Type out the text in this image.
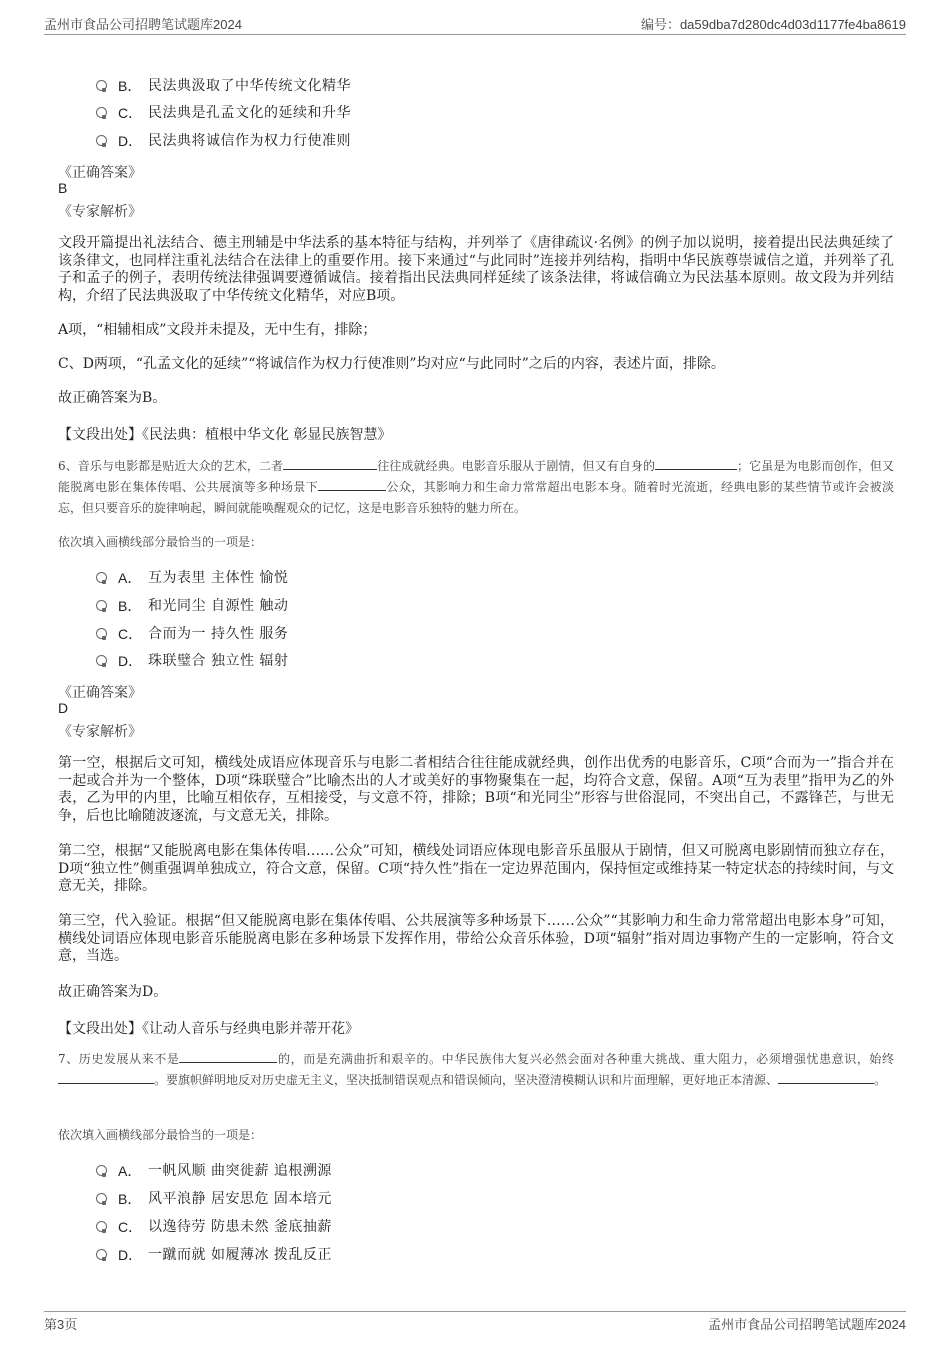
孟州市食品公司招聘笔试题库2024	编号：da59dba7d280dc4d03d1177fe4ba8619
B． 民法典汲取了中华传统文化精华
C． 民法典是孔孟文化的延续和升华
D． 民法典将诚信作为权力行使准则
《正确答案》
B
《专家解析》
文段开篇提出礼法结合、德主刑辅是中华法系的基本特征与结构，并列举了《唐律疏议·名例》的例子加以说明，接着提出民法典延续了该条律文，也同样注重礼法结合在法律上的重要作用。接下来通过“与此同时”连接并列结构，指明中华民族尊崇诚信之道，并列举了孔子和孟子的例子，表明传统法律强调要遵循诚信。接着指出民法典同样延续了该条法律，将诚信确立为民法基本原则。故文段为并列结构，介绍了民法典汲取了中华传统文化精华，对应B项。
A项，“相辅相成”文段并未提及，无中生有，排除；
C、D两项，“孔孟文化的延续”“将诚信作为权力行使准则”均对应“与此同时”之后的内容，表述片面，排除。
故正确答案为B。
【文段出处】《民法典：植根中华文化 彰显民族智慧》
6、音乐与电影都是贴近大众的艺术，二者	往往成就经典。电影音乐服从于剧情，但又有自身的	；它虽是为电影而创作，但又能脱离电影在集体传唱、公共展演等多种场景下	公众，其影响力和生命力常常超出电影本身。随着时光流逝，经典电影的某些情节或许会被淡忘，但只要音乐的旋律响起，瞬间就能唤醒观众的记忆，这是电影音乐独特的魅力所在。
依次填入画横线部分最恰当的一项是：
A． 互为表里 主体性 愉悦
B． 和光同尘 自源性 触动
C． 合而为一 持久性 服务
D． 珠联璧合 独立性 辐射
《正确答案》
D
《专家解析》
第一空，根据后文可知，横线处成语应体现音乐与电影二者相结合往往能成就经典，创作出优秀的电影音乐，C项“合而为一”指合并在一起或合并为一个整体，D项“珠联璧合”比喻杰出的人才或美好的事物聚集在一起，均符合文意，保留。A项“互为表里”指甲为乙的外表，乙为甲的内里，比喻互相依存，互相接受，与文意不符，排除；B项“和光同尘”形容与世俗混同，不突出自己，不露锋芒，与世无争，后也比喻随波逐流，与文意无关，排除。
第二空，根据“又能脱离电影在集体传唱……公众”可知，横线处词语应体现电影音乐虽服从于剧情，但又可脱离电影剧情而独立存在，D项“独立性”侧重强调单独成立，符合文意，保留。C项“持久性”指在一定边界范围内，保持恒定或维持某一特定状态的持续时间，与文意无关，排除。
第三空，代入验证。根据“但又能脱离电影在集体传唱、公共展演等多种场景下……公众”“其影响力和生命力常常超出电影本身”可知，横线处词语应体现电影音乐能脱离电影在多种场景下发挥作用，带给公众音乐体验，D项“辐射”指对周边事物产生的一定影响，符合文意，当选。
故正确答案为D。
【文段出处】《让动人音乐与经典电影并蒂开花》
7、历史发展从来不是	的，而是充满曲折和艰辛的。中华民族伟大复兴必然会面对各种重大挑战、重大阻力，必须增强忧患意识，始终。要旗帜鲜明地反对历史虚无主义，坚决抵制错误观点和错误倾向，坚决澄清模糊认识和片面理解，更好地正本清源、	。
依次填入画横线部分最恰当的一项是：
A． 一帆风顺 曲突徙薪 追根溯源
B． 风平浪静 居安思危 固本培元
C． 以逸待劳 防患未然 釜底抽薪
D． 一蹴而就 如履薄冰 拨乱反正
第3页	孟州市食品公司招聘笔试题库2024
